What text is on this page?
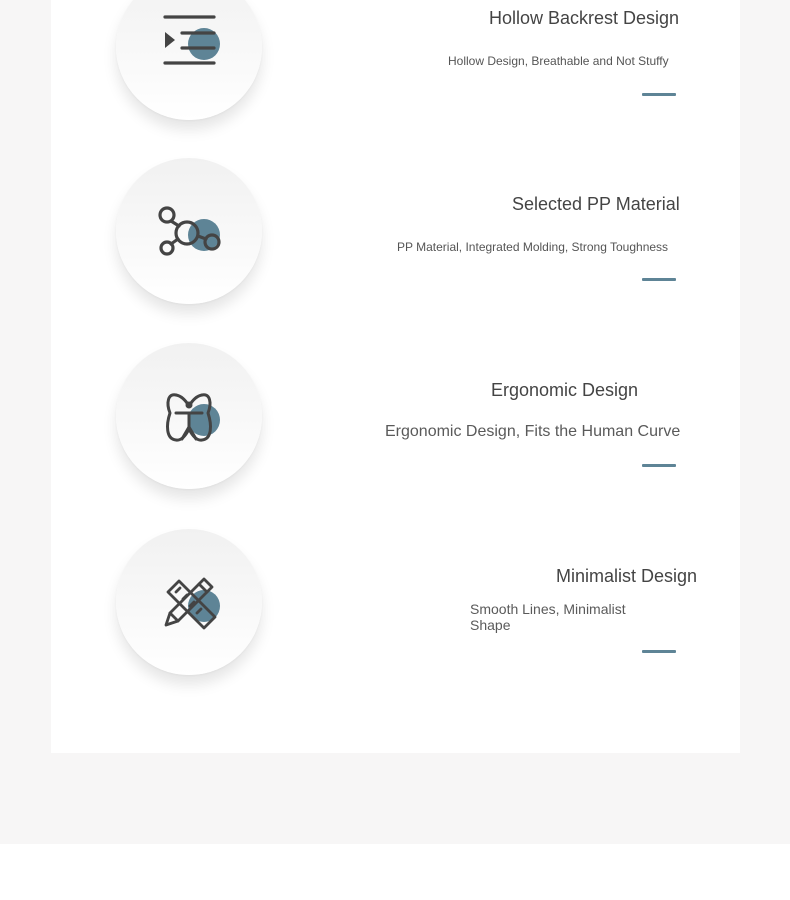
Hollow Backrest Design
Hollow Design, Breathable and Not Stuffy
Selected PP Material
PP Material, Integrated Molding, Strong Toughness
Ergonomic Design
Ergonomic Design, Fits the Human Curve
Minimalist Design
Smooth Lines, Minimalist Shape
